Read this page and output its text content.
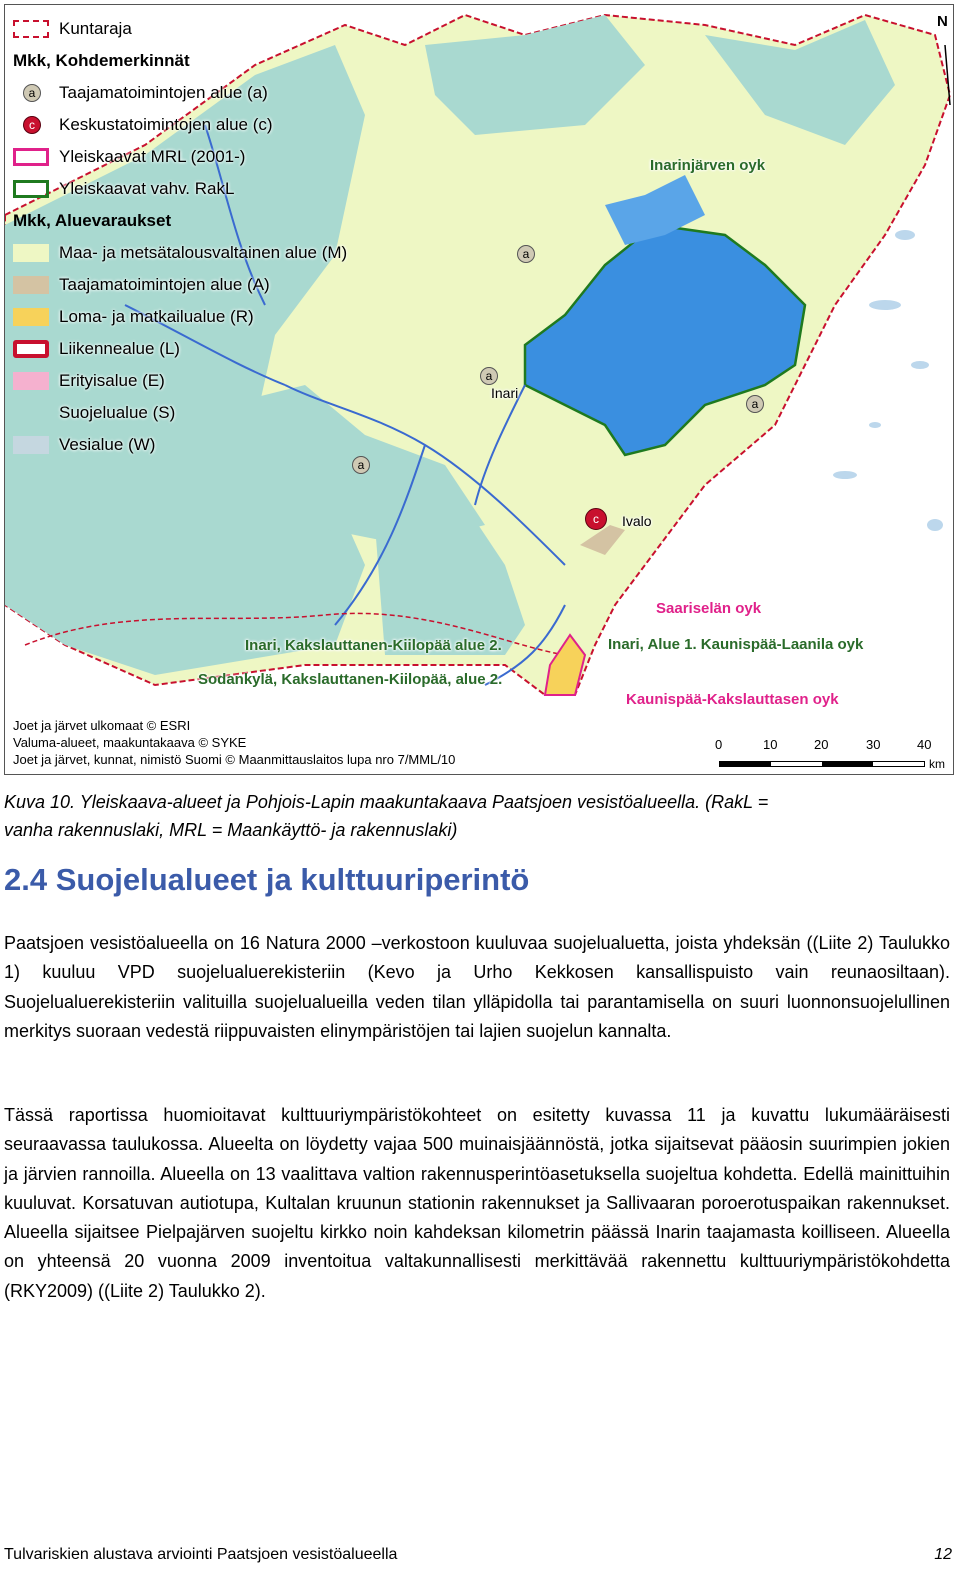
Kuntaraja
Mkk, Kohdemerkinnät
a	Taajamatoimintojen alue (a)
c	Keskustatoimintojen alue (c)
Yleiskaavat MRL (2001-)
Yleiskaavat vahv. RakL
Mkk, Aluevaraukset
Maa- ja metsätalousvaltainen alue (M)
Taajamatoimintojen alue (A)
Loma- ja matkailualue (R)
Liikennealue (L)
Erityisalue (E)
Suojelualue (S)
Vesialue (W)
a
a
a
a
c
Inarinjärven oyk
Inari
Ivalo
Saariselän oyk
Inari, Alue 1. Kaunispää-Laanila oyk
Inari, Kakslauttanen-Kiilopää alue 2.
Sodankylä, Kakslauttanen-Kiilopää, alue 2.
Kaunispää-Kakslauttasen oyk
N
Joet ja järvet ulkomaat © ESRI
Valuma-alueet, maakuntakaava © SYKE
Joet ja järvet, kunnat, nimistö Suomi © Maanmittauslaitos lupa nro 7/MML/10
0	10	20	30	40
km
Kuva 10. Yleiskaava-alueet ja Pohjois-Lapin maakuntakaava Paatsjoen vesistöalueella. (RakL =
vanha rakennuslaki, MRL = Maankäyttö- ja rakennuslaki)
2.4 Suojelualueet ja kulttuuriperintö
Paatsjoen vesistöalueella on 16 Natura 2000 –verkostoon kuuluvaa suojelualuetta, joista yhdeksän ((Liite 2) Taulukko 1) kuuluu VPD suojelualuerekisteriin (Kevo ja Urho Kekkosen kansallispuisto vain reunaosiltaan). Suojelualuerekisteriin valituilla suojelualueilla veden tilan ylläpidolla tai parantamisella on suuri luonnonsuojelullinen merkitys suoraan vedestä riippuvaisten elinympäristöjen tai lajien suojelun kannalta.
Tässä raportissa huomioitavat kulttuuriympäristökohteet on esitetty kuvassa 11 ja kuvattu lukumääräisesti seuraavassa taulukossa. Alueelta on löydetty vajaa 500 muinaisjäännöstä, jotka sijaitsevat pääosin suurimpien jokien ja järvien rannoilla. Alueella on 13 vaalittava valtion rakennusperintöasetuksella suojeltua kohdetta. Edellä mainittuihin kuuluvat. Korsatuvan autiotupa, Kultalan kruunun stationin rakennukset ja Sallivaaran poroerotuspaikan rakennukset. Alueella sijaitsee Pielpajärven suojeltu kirkko noin kahdeksan kilometrin päässä Inarin taajamasta koilliseen. Alueella on yhteensä 20 vuonna 2009 inventoitua valtakunnallisesti merkittävää rakennettu kulttuuriympäristökohdetta (RKY2009) ((Liite 2) Taulukko 2).
Tulvariskien alustava arviointi Paatsjoen vesistöalueella	12
